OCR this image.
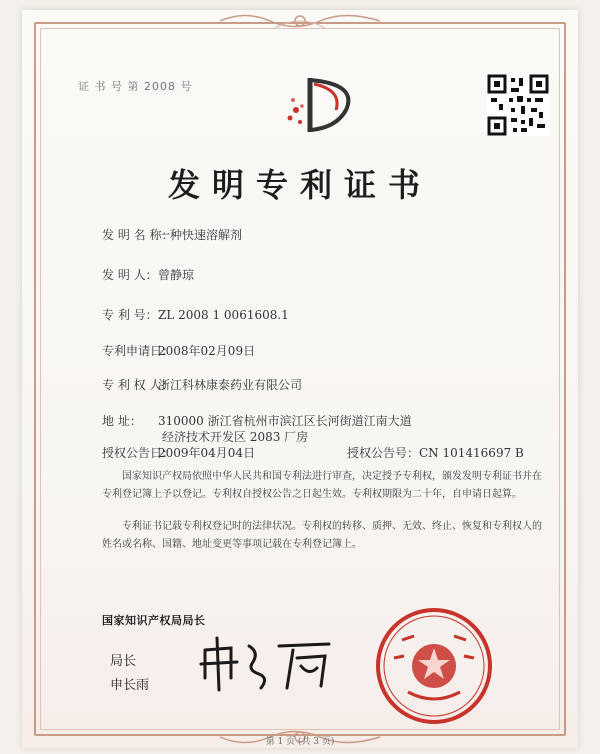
证 书 号 第 2008 号
发明专利证书
发 明 名 称：一种快速溶解剂
发 明 人：曾静琼
专 利 号：ZL 2008 1 0061608.1
专利申请日：2008年02月09日
专 利 权 人：浙江科林康泰药业有限公司
地 址： 310000 浙江省杭州市滨江区长河街道江南大道
授权公告日：2009年04月04日	授权公告号：CN 101416697 B
经济技术开发区 2083 厂房
国家知识产权局依照中华人民共和国专利法进行审查，决定授予专利权，颁发发明专利证书并在专利登记簿上予以登记。专利权自授权公告之日起生效。专利权期限为二十年，自申请日起算。
专利证书记载专利权登记时的法律状况。专利权的转移、质押、无效、终止、恢复和专利权人的姓名或名称、国籍、地址变更等事项记载在专利登记簿上。
国家知识产权局局长
局长
申长雨
第 1 页 (共 3 页)
